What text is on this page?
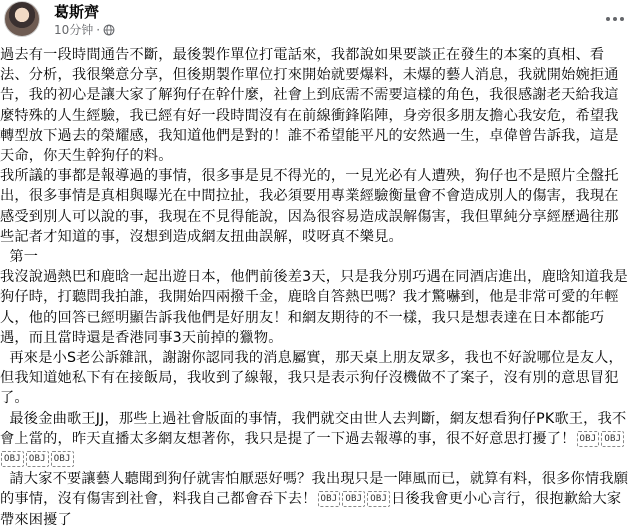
葛斯齊
10分钟 ·

過去有一段時間通告不斷，最後製作單位打電話來，我都說如果要談正在發生的本案的真相、看法、分析，我很樂意分享，但後期製作單位打來開始就要爆料，未爆的藝人消息，我就開始婉拒通告，我的初心是讓大家了解狗仔在幹什麼，社會上到底需不需要這樣的角色，我很感謝老天給我這麼特殊的人生經驗，我已經有好一段時間沒有在前線衝鋒陷陣，身旁很多朋友擔心我安危，希望我轉型放下過去的榮耀感，我知道他們是對的！誰不希望能平凡的安然過一生，卓偉曾告訴我，這是天命，你天生幹狗仔的料。

我所議的事都是報導過的事情，很多事是見不得光的，一見光必有人遭殃，狗仔也不是照片全盤托出，很多事情是真相與曝光在中間拉扯，我必須要用專業經驗衡量會不會造成別人的傷害，我現在感受到別人可以說的事，我現在不見得能說，因為很容易造成誤解傷害，我但單純分享經歷過往那些記者才知道的事，沒想到造成網友扭曲誤解，哎呀真不樂見。

第一

我沒說過熱巴和鹿晗一起出遊日本，他們前後差3天，只是我分別巧遇在同酒店進出，鹿晗知道我是狗仔時，打聽問我拍誰，我開始四兩撥千金，鹿晗自答熱巴嗎？我才驚嚇到，他是非常可愛的年輕人，他的回答已經明顯告訴我他們是好朋友！和網友期待的不一樣，我只是想表達在日本都能巧遇，而且當時還是香港同事3天前掉的獵物。

再來是小S老公訴雜訊，謝謝你認同我的消息屬實，那天桌上朋友眾多，我也不好說哪位是友人，但我知道她私下有在接飯局，我收到了線報，我只是表示狗仔沒機做不了案子，沒有別的意思冒犯了。

最後金曲歌王JJ，那些上過社會版面的事情，我們就交由世人去判斷，網友想看狗仔PK歌王，我不會上當的，昨天直播太多網友想著你，我只是提了一下過去報導的事，很不好意思打擾了！ OBJ OBJOBJ OBJ OBJ

請大家不要讓藝人聽聞到狗仔就害怕厭惡好嗎？我出現只是一陣風而已，就算有料，很多你情我願的事情，沒有傷害到社會，料我自己都會吞下去！ OBJ OBJ OBJ 日後我會更小心言行，很抱歉給大家帶來困擾了
